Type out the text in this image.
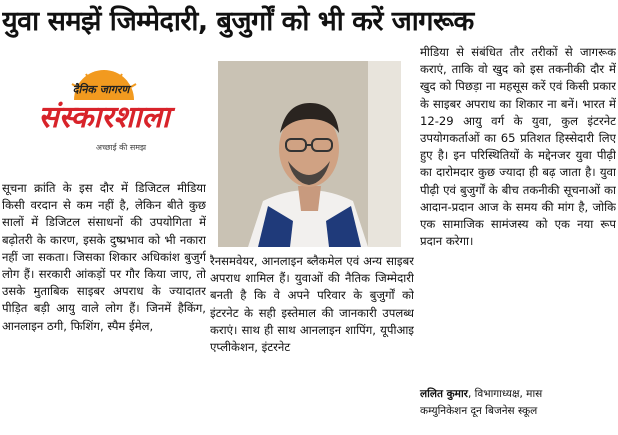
युवा समझें जिम्मेदारी, बुजुर्गों को भी करें जागरूक
दैनिक जागरण
संस्कारशाला
अच्छाई की समझ
सूचना क्रांति के इस दौर में डिजिटल मीडिया किसी वरदान से कम नहीं है, लेकिन बीते कुछ सालों में डिजिटल संसाधनों की उपयोगिता में बढ़ोतरी के कारण, इसके दुष्प्रभाव को भी नकारा नहीं जा सकता। जिसका शिकार अधिकांश बुजुर्ग लोग हैं। सरकारी आंकड़ों पर गौर किया जाए, तो उसके मुताबिक साइबर अपराध के ज्यादातर पीड़ित बड़ी आयु वाले लोग हैं। जिनमें हैकिंग, आनलाइन ठगी, फिशिंग, स्पैम ईमेल,
रैनसमवेयर, आनलाइन ब्लैकमेल एवं अन्य साइबर अपराध शामिल हैं। युवाओं की नैतिक जिम्मेदारी बनती है कि वे अपने परिवार के बुजुर्गों को इंटरनेट के सही इस्तेमाल की जानकारी उपलब्ध कराएं। साथ ही साथ आनलाइन शापिंग, यूपीआइ एप्लीकेशन, इंटरनेट
मीडिया से संबंधित तौर तरीकों से जागरूक कराएं, ताकि वो खुद को इस तकनीकी दौर में खुद को पिछड़ा ना महसूस करें एवं किसी प्रकार के साइबर अपराध का शिकार ना बनें। भारत में 12-29 आयु वर्ग के युवा, कुल इंटरनेट उपयोगकर्ताओं का 65 प्रतिशत हिस्सेदारी लिए हुए है। इन परिस्थितियों के मद्देनजर युवा पीढ़ी का दारोमदार कुछ ज्यादा ही बढ़ जाता है। युवा पीढ़ी एवं बुजुर्गों के बीच तकनीकी सूचनाओं का आदान-प्रदान आज के समय की मांग है, जोकि एक सामाजिक सामंजस्य को एक नया रूप प्रदान करेगा।
ललित कुमार, विभागाध्यक्ष, मास
कम्युनिकेशन दून बिजनेस स्कूल
